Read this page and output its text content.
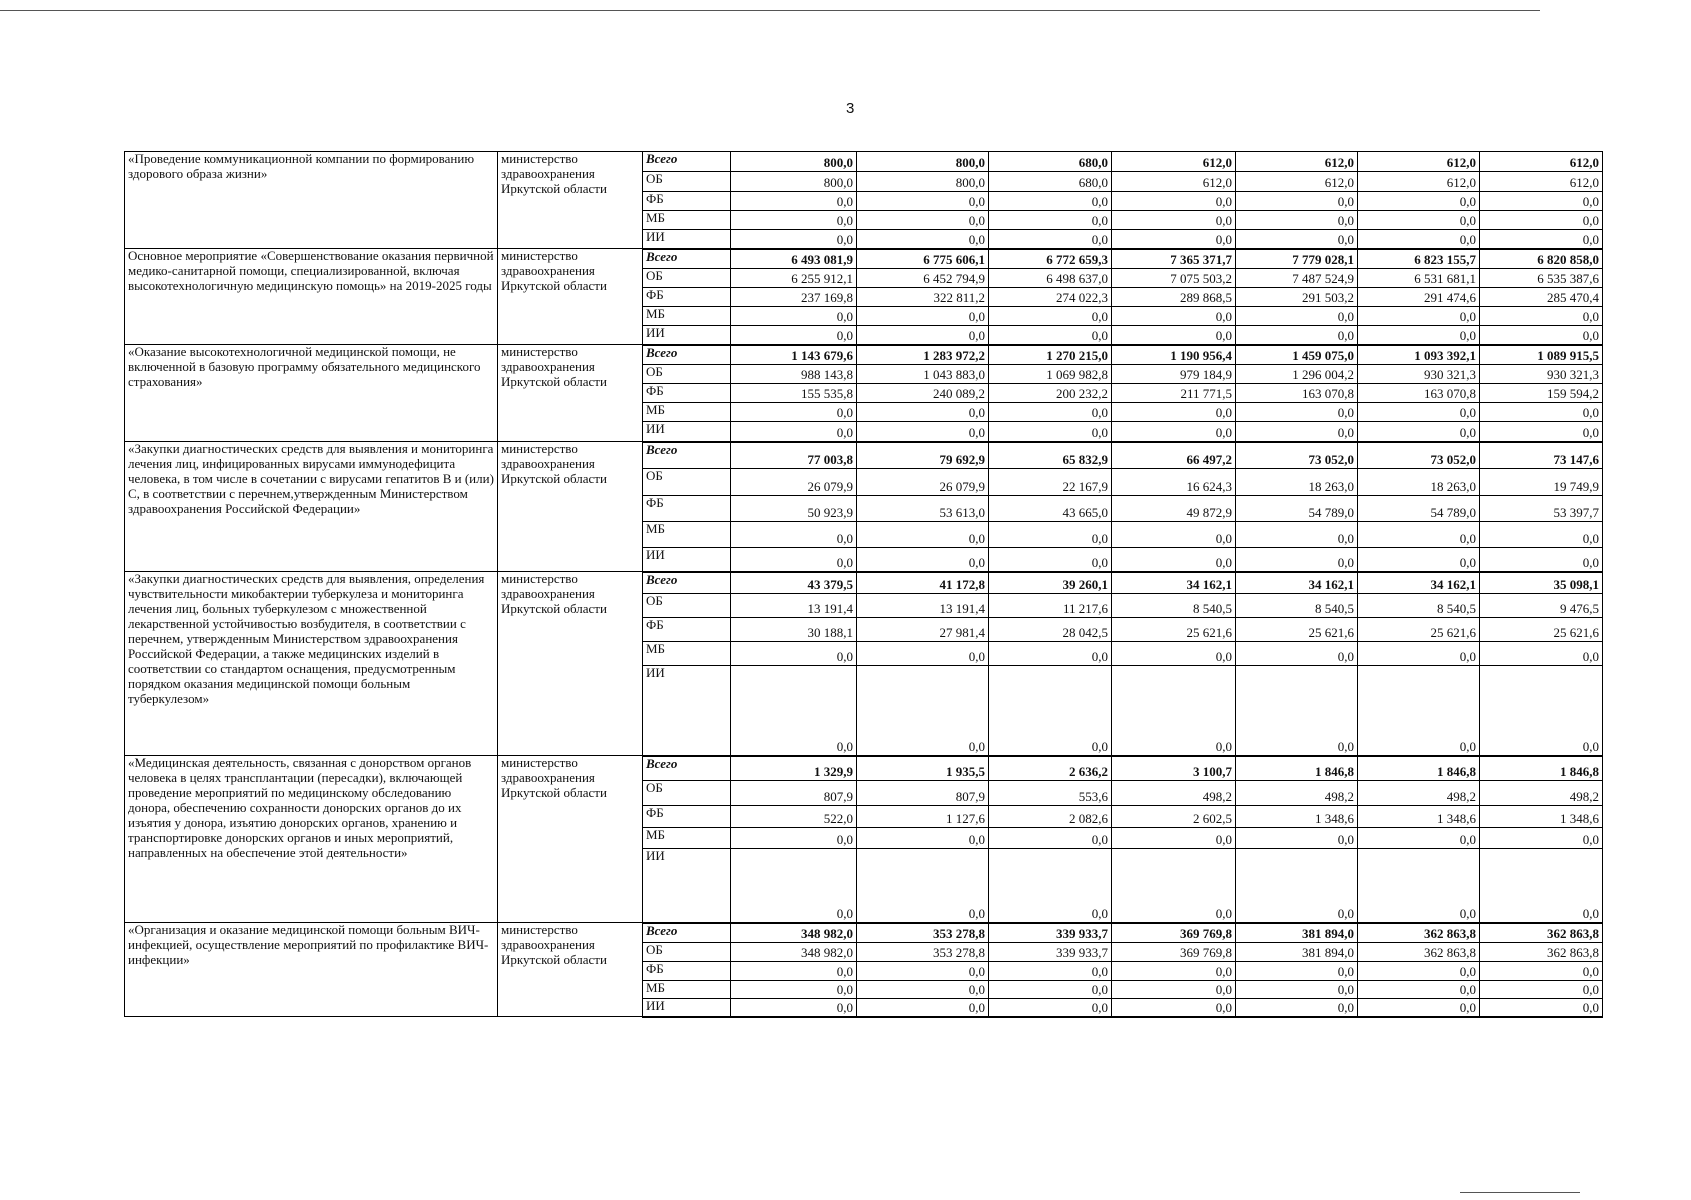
3
«Проведение коммуникационной компании по формированию здорового образа жизни»	министерство здравоохранения Иркутской области	Всего	800,0	800,0	680,0	612,0	612,0	612,0	612,0
		ОБ	800,0	800,0	680,0	612,0	612,0	612,0	612,0
		ФБ	0,0	0,0	0,0	0,0	0,0	0,0	0,0
		МБ	0,0	0,0	0,0	0,0	0,0	0,0	0,0
		ИИ	0,0	0,0	0,0	0,0	0,0	0,0	0,0
Основное мероприятие «Совершенствование оказания первичной медико-санитарной помощи, специализированной, включая высокотехнологичную медицинскую помощь» на 2019-2025 годы	министерство здравоохранения Иркутской области	Всего	6 493 081,9	6 775 606,1	6 772 659,3	7 365 371,7	7 779 028,1	6 823 155,7	6 820 858,0
		ОБ	6 255 912,1	6 452 794,9	6 498 637,0	7 075 503,2	7 487 524,9	6 531 681,1	6 535 387,6
		ФБ	237 169,8	322 811,2	274 022,3	289 868,5	291 503,2	291 474,6	285 470,4
		МБ	0,0	0,0	0,0	0,0	0,0	0,0	0,0
		ИИ	0,0	0,0	0,0	0,0	0,0	0,0	0,0
«Оказание высокотехнологичной медицинской помощи, не включенной в базовую программу обязательного медицинского страхования»	министерство здравоохранения Иркутской области	Всего	1 143 679,6	1 283 972,2	1 270 215,0	1 190 956,4	1 459 075,0	1 093 392,1	1 089 915,5
		ОБ	988 143,8	1 043 883,0	1 069 982,8	979 184,9	1 296 004,2	930 321,3	930 321,3
		ФБ	155 535,8	240 089,2	200 232,2	211 771,5	163 070,8	163 070,8	159 594,2
		МБ	0,0	0,0	0,0	0,0	0,0	0,0	0,0
		ИИ	0,0	0,0	0,0	0,0	0,0	0,0	0,0
«Закупки диагностических средств для выявления и мониторинга лечения лиц, инфицированных вирусами иммунодефицита человека, в том числе в сочетании с вирусами гепатитов В и (или) С, в соответствии с перечнем,утвержденным Министерством здравоохранения Российской Федерации»	министерство здравоохранения Иркутской области	Всего	77 003,8	79 692,9	65 832,9	66 497,2	73 052,0	73 052,0	73 147,6
		ОБ	26 079,9	26 079,9	22 167,9	16 624,3	18 263,0	18 263,0	19 749,9
		ФБ	50 923,9	53 613,0	43 665,0	49 872,9	54 789,0	54 789,0	53 397,7
		МБ	0,0	0,0	0,0	0,0	0,0	0,0	0,0
		ИИ	0,0	0,0	0,0	0,0	0,0	0,0	0,0
«Закупки диагностических средств для выявления, определения чувствительности микобактерии туберкулеза и мониторинга лечения лиц, больных туберкулезом с множественной лекарственной устойчивостью возбудителя, в соответствии с перечнем, утвержденным Министерством здравоохранения Российской Федерации, а также медицинских изделий в соответствии со стандартом оснащения, предусмотренным порядком оказания медицинской помощи больным туберкулезом»	министерство здравоохранения Иркутской области	Всего	43 379,5	41 172,8	39 260,1	34 162,1	34 162,1	34 162,1	35 098,1
		ОБ	13 191,4	13 191,4	11 217,6	8 540,5	8 540,5	8 540,5	9 476,5
		ФБ	30 188,1	27 981,4	28 042,5	25 621,6	25 621,6	25 621,6	25 621,6
		МБ	0,0	0,0	0,0	0,0	0,0	0,0	0,0
		ИИ	0,0	0,0	0,0	0,0	0,0	0,0	0,0
«Медицинская деятельность, связанная с донорством органов человека в целях трансплантации (пересадки), включающей проведение мероприятий по медицинскому обследованию донора, обеспечению сохранности донорских органов до их изъятия у донора, изъятию донорских органов, хранению и транспортировке донорских органов и иных мероприятий, направленных на обеспечение этой деятельности»	министерство здравоохранения Иркутской области	Всего	1 329,9	1 935,5	2 636,2	3 100,7	1 846,8	1 846,8	1 846,8
		ОБ	807,9	807,9	553,6	498,2	498,2	498,2	498,2
		ФБ	522,0	1 127,6	2 082,6	2 602,5	1 348,6	1 348,6	1 348,6
		МБ	0,0	0,0	0,0	0,0	0,0	0,0	0,0
		ИИ	0,0	0,0	0,0	0,0	0,0	0,0	0,0
«Организация и оказание медицинской помощи больным ВИЧ-инфекцией, осуществление мероприятий по профилактике ВИЧ-инфекции»	министерство здравоохранения Иркутской области	Всего	348 982,0	353 278,8	339 933,7	369 769,8	381 894,0	362 863,8	362 863,8
		ОБ	348 982,0	353 278,8	339 933,7	369 769,8	381 894,0	362 863,8	362 863,8
		ФБ	0,0	0,0	0,0	0,0	0,0	0,0	0,0
		МБ	0,0	0,0	0,0	0,0	0,0	0,0	0,0
		ИИ	0,0	0,0	0,0	0,0	0,0	0,0	0,0
